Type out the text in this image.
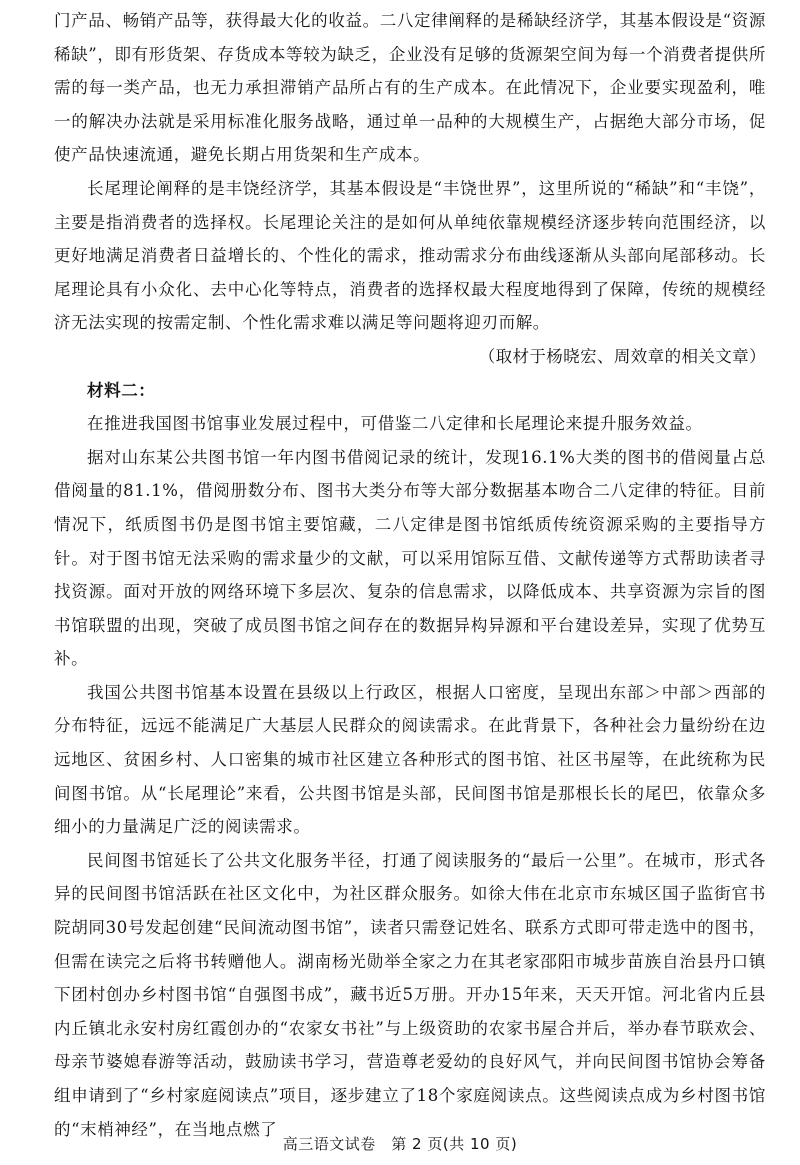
门产品、畅销产品等，获得最大化的收益。二八定律阐释的是稀缺经济学，其基本假设是“资源稀缺”，即有形货架、存货成本等较为缺乏，企业没有足够的货源架空间为每一个消费者提供所需的每一类产品，也无力承担滞销产品所占有的生产成本。在此情况下，企业要实现盈利，唯一的解决办法就是采用标准化服务战略，通过单一品种的大规模生产，占据绝大部分市场，促使产品快速流通，避免长期占用货架和生产成本。

长尾理论阐释的是丰饶经济学，其基本假设是“丰饶世界”，这里所说的“稀缺”和“丰饶”，主要是指消费者的选择权。长尾理论关注的是如何从单纯依靠规模经济逐步转向范围经济，以更好地满足消费者日益增长的、个性化的需求，推动需求分布曲线逐渐从头部向尾部移动。长尾理论具有小众化、去中心化等特点，消费者的选择权最大程度地得到了保障，传统的规模经济无法实现的按需定制、个性化需求难以满足等问题将迎刃而解。

（取材于杨晓宏、周效章的相关文章）

材料二：

在推进我国图书馆事业发展过程中，可借鉴二八定律和长尾理论来提升服务效益。

据对山东某公共图书馆一年内图书借阅记录的统计，发现16.1%大类的图书的借阅量占总借阅量的81.1%，借阅册数分布、图书大类分布等大部分数据基本吻合二八定律的特征。目前情况下，纸质图书仍是图书馆主要馆藏，二八定律是图书馆纸质传统资源采购的主要指导方针。对于图书馆无法采购的需求量少的文献，可以采用馆际互借、文献传递等方式帮助读者寻找资源。面对开放的网络环境下多层次、复杂的信息需求，以降低成本、共享资源为宗旨的图书馆联盟的出现，突破了成员图书馆之间存在的数据异构异源和平台建设差异，实现了优势互补。

我国公共图书馆基本设置在县级以上行政区，根据人口密度，呈现出东部＞中部＞西部的分布特征，远远不能满足广大基层人民群众的阅读需求。在此背景下，各种社会力量纷纷在边远地区、贫困乡村、人口密集的城市社区建立各种形式的图书馆、社区书屋等，在此统称为民间图书馆。从“长尾理论”来看，公共图书馆是头部，民间图书馆是那根长长的尾巴，依靠众多细小的力量满足广泛的阅读需求。

民间图书馆延长了公共文化服务半径，打通了阅读服务的“最后一公里”。在城市，形式各异的民间图书馆活跃在社区文化中，为社区群众服务。如徐大伟在北京市东城区国子监街官书院胡同30号发起创建“民间流动图书馆”，读者只需登记姓名、联系方式即可带走选中的图书，但需在读完之后将书转赠他人。湖南杨光勋举全家之力在其老家邵阳市城步苗族自治县丹口镇下团村创办乡村图书馆“自强图书成”，藏书近5万册。开办15年来，天天开馆。河北省内丘县内丘镇北永安村房红霞创办的“农家女书社”与上级资助的农家书屋合并后，举办春节联欢会、母亲节婆媳春游等活动，鼓励读书学习，营造尊老爱幼的良好风气，并向民间图书馆协会筹备组申请到了“乡村家庭阅读点”项目，逐步建立了18个家庭阅读点。这些阅读点成为乡村图书馆的“末梢神经”，在当地点燃了

高三语文试卷　第 2 页(共 10 页)
